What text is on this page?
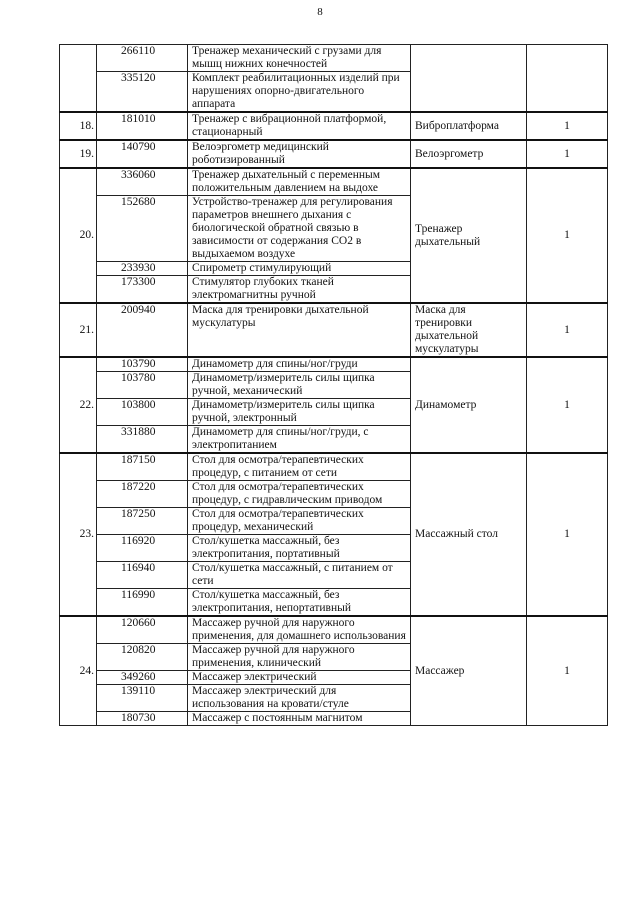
8
	266110	Тренажер механический с грузами для мышц нижних конечностей		
	335120	Комплект реабилитационных изделий при нарушениях опорно-двигательного аппарата		
18.	181010	Тренажер с вибрационной платформой, стационарный	Виброплатформа	1
19.	140790	Велоэргометр медицинский роботизированный	Велоэргометр	1
20.	336060	Тренажер дыхательный с переменным положительным давлением на выдохе	Тренажер дыхательный	1
	152680	Устройство-тренажер для регулирования параметров внешнего дыхания с биологической обратной связью в зависимости от содержания СО2 в выдыхаемом воздухе		
	233930	Спирометр стимулирующий		
	173300	Стимулятор глубоких тканей электромагнитны ручной		
21.	200940	Маска для тренировки дыхательной мускулатуры	Маска для тренировки дыхательной мускулатуры	1
22.	103790	Динамометр для спины/ног/груди	Динамометр	1
	103780	Динамометр/измеритель силы щипка ручной, механический		
	103800	Динамометр/измеритель силы щипка ручной, электронный		
	331880	Динамометр для спины/ног/груди, с электропитанием		
23.	187150	Стол для осмотра/терапевтических процедур, с питанием от сети	Массажный стол	1
	187220	Стол для осмотра/терапевтических процедур, с гидравлическим приводом		
	187250	Стол для осмотра/терапевтических процедур, механический		
	116920	Стол/кушетка массажный, без электропитания, портативный		
	116940	Стол/кушетка массажный, с питанием от сети		
	116990	Стол/кушетка массажный, без электропитания, непортативный		
24.	120660	Массажер ручной для наружного применения, для домашнего использования	Массажер	1
	120820	Массажер ручной для наружного применения, клинический		
	349260	Массажер электрический		
	139110	Массажер электрический для использования на кровати/стуле		
	180730	Массажер с постоянным магнитом		
